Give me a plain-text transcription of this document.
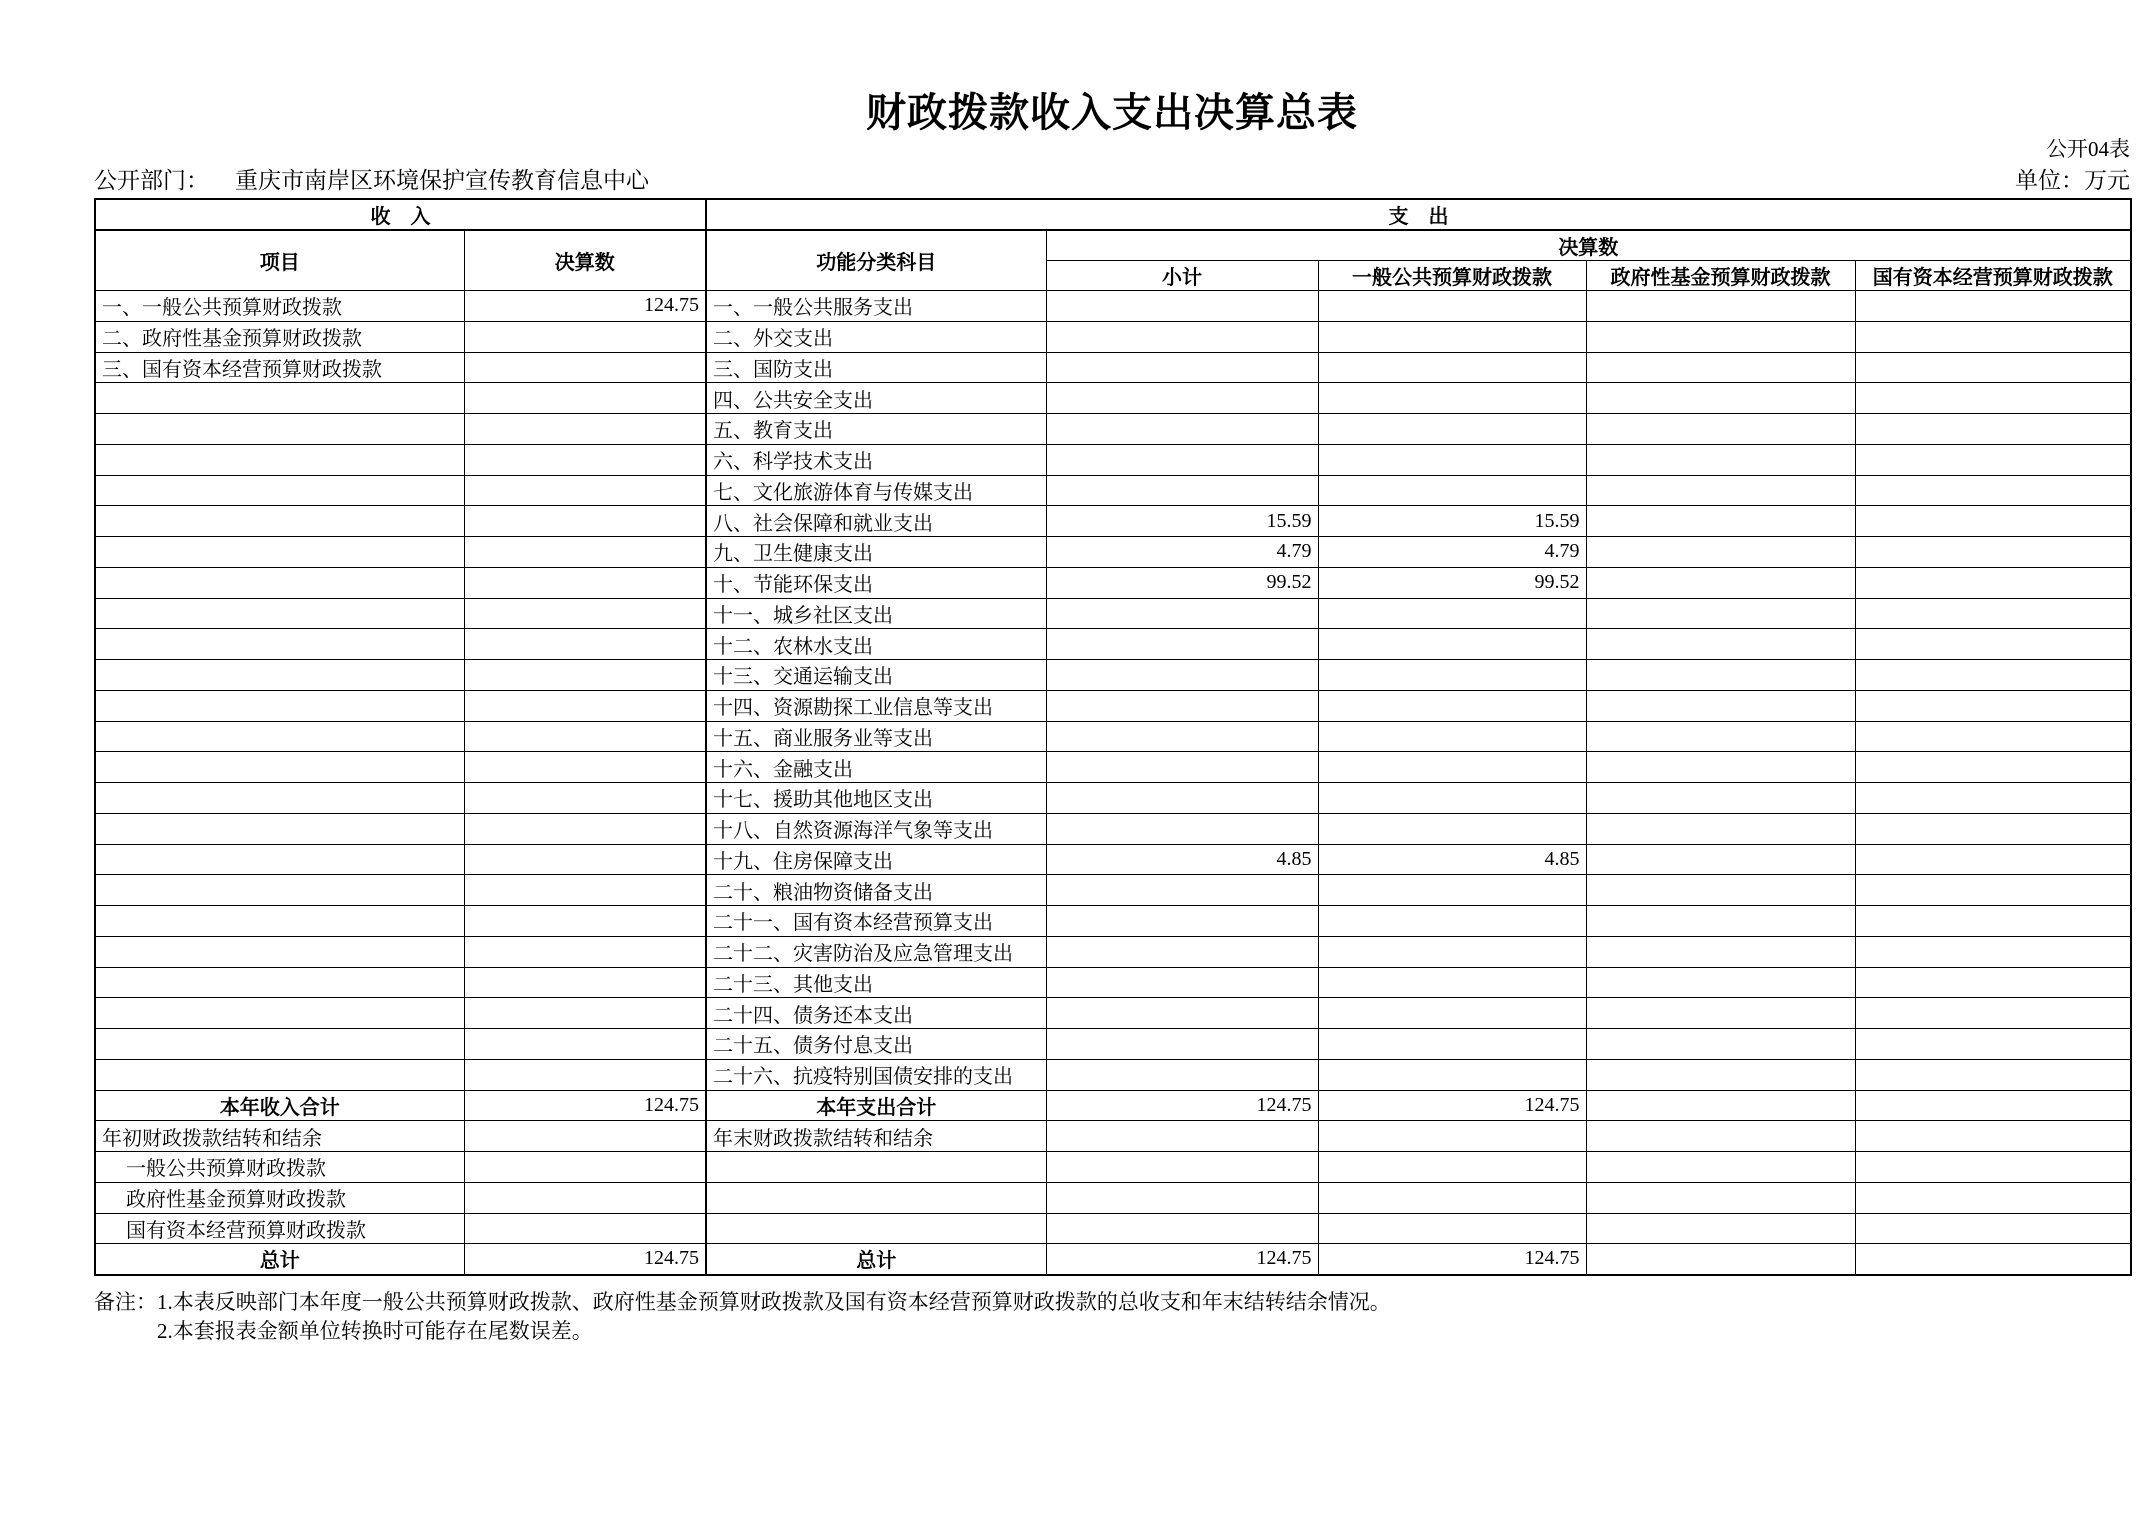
财政拨款收入支出决算总表
公开04表
公开部门： 重庆市南岸区环境保护宣传教育信息中心	单位：万元
收　入		支　出				
项目	决算数	功能分类科目	决算数			
			小计	一般公共预算财政拨款	政府性基金预算财政拨款	国有资本经营预算财政拨款
一、一般公共预算财政拨款	124.75	一、一般公共服务支出				
二、政府性基金预算财政拨款		二、外交支出				
三、国有资本经营预算财政拨款		三、国防支出				
		四、公共安全支出				
		五、教育支出				
		六、科学技术支出				
		七、文化旅游体育与传媒支出				
		八、社会保障和就业支出	15.59	15.59		
		九、卫生健康支出	4.79	4.79		
		十、节能环保支出	99.52	99.52		
		十一、城乡社区支出				
		十二、农林水支出				
		十三、交通运输支出				
		十四、资源勘探工业信息等支出				
		十五、商业服务业等支出				
		十六、金融支出				
		十七、援助其他地区支出				
		十八、自然资源海洋气象等支出				
		十九、住房保障支出	4.85	4.85		
		二十、粮油物资储备支出				
		二十一、国有资本经营预算支出				
		二十二、灾害防治及应急管理支出				
		二十三、其他支出				
		二十四、债务还本支出				
		二十五、债务付息支出				
		二十六、抗疫特别国债安排的支出				
本年收入合计	124.75	本年支出合计	124.75	124.75		
年初财政拨款结转和结余		年末财政拨款结转和结余				
一般公共预算财政拨款						
政府性基金预算财政拨款						
国有资本经营预算财政拨款						
总计	124.75	总计	124.75	124.75		
备注：1.本表反映部门本年度一般公共预算财政拨款、政府性基金预算财政拨款及国有资本经营预算财政拨款的总收支和年末结转结余情况。
2.本套报表金额单位转换时可能存在尾数误差。
